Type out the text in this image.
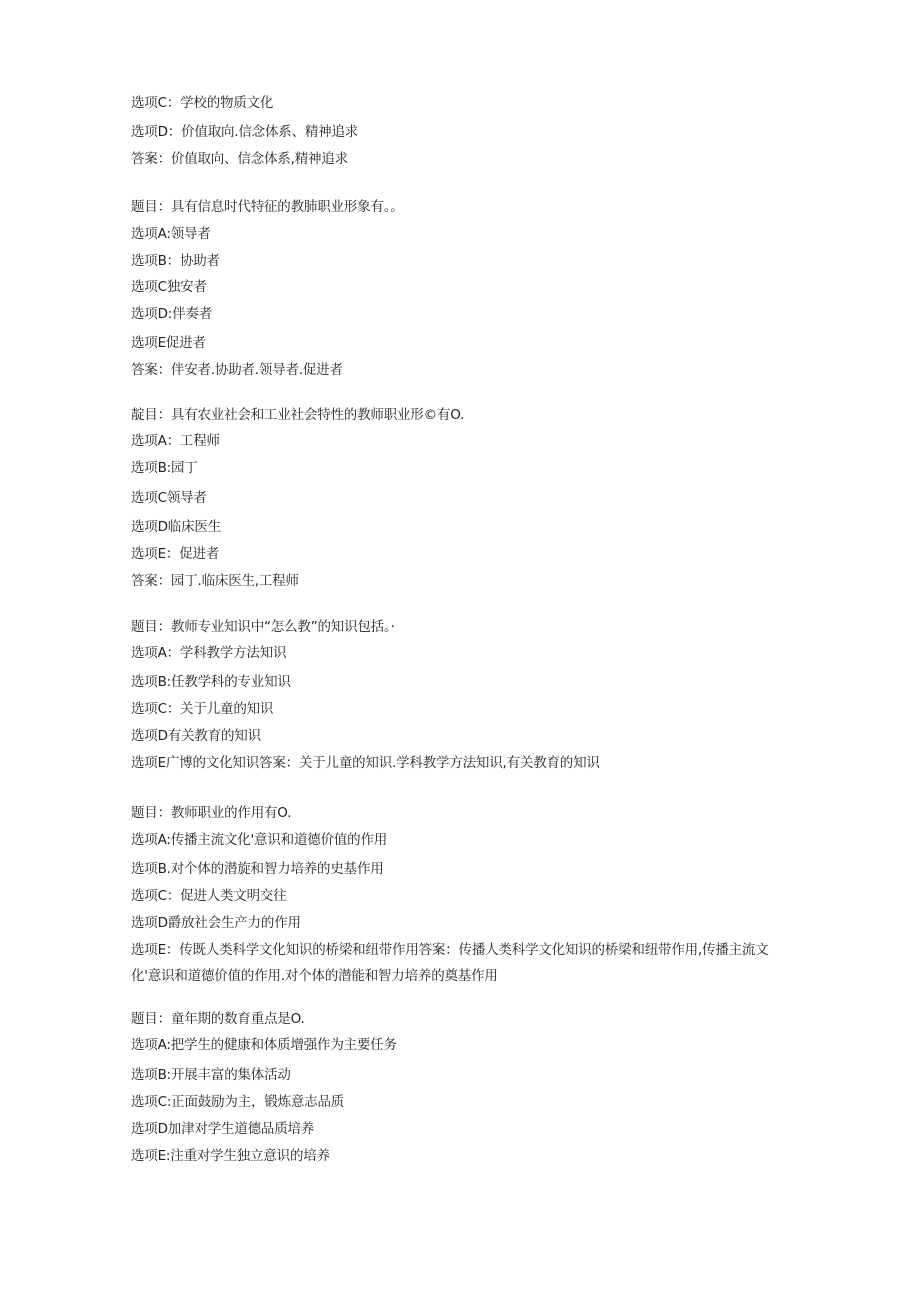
选项C：学校的物质文化
选项D：价值取向.信念体系、精神追求
答案：价值取向、信念体系,精神追求
题目：具有信息时代特征的教肺职业形象有。。
选项A:领导者
选项B：协助者
选项C独安者
选项D:伴奏者
选项E促进者
答案：伴安者.协助者.领导者.促进者
靛目：具有农业社会和工业社会特性的教师职业形©有O.
选项A：工程师
选项B:园丁
选项C领导者
选项D临床医生
选项E：促进者
答案：园丁.临床医生,工程师
题目：教师专业知识中“怎么教”的知识包括。·
选项A：学科教学方法知识
选项B:任教学科的专业知识
选项C：关于儿童的知识
选项D有关教育的知识
选项E广博的文化知识答案：关于儿童的知识.学科教学方法知识,有关教育的知识
题目：教师职业的作用有O.
选项A:传播主流文化'意识和道德价值的作用
选项B.对个体的潜旋和智力培养的史基作用
选项C：促进人类文明交往
选项D爵放社会生产力的作用
选项E：传既人类科学文化知识的桥梁和纽带作用答案：传播人类科学文化知识的桥梁和纽带作用,传播主流文化'意识和道德价值的作用.对个体的潜能和智力培养的奠基作用
题目：童年期的数育重点是O.
选项A:把学生的健康和体质增强作为主要任务
选项B:开展丰富的集体活动
选项C:正面鼓励为主，锻炼意志品质
选项D加津对学生道德品质培养
选项E:注重对学生独立意识的培养
